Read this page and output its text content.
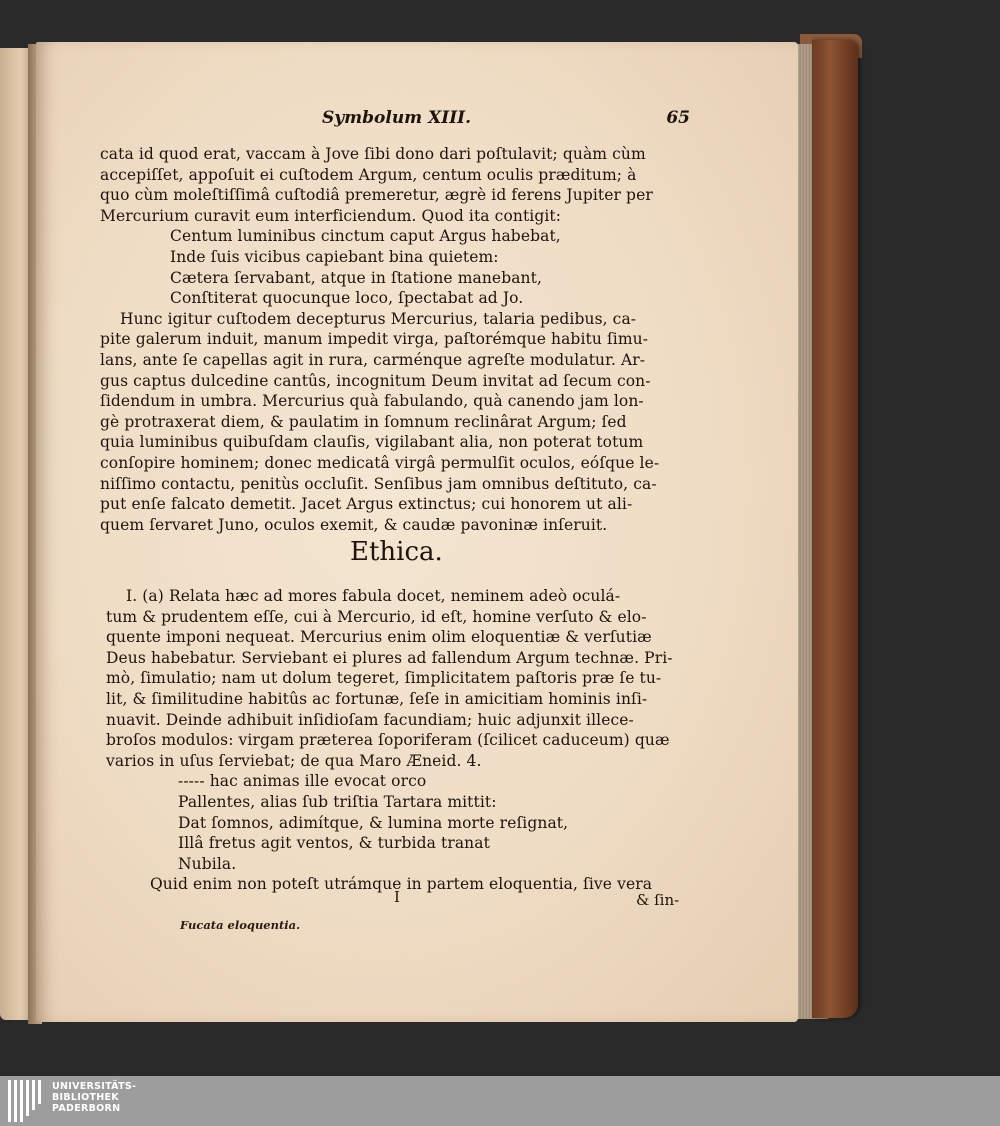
Symbolum XIII.	65
cata id quod erat, vaccam à Jove ſibi dono dari poſtulavit; quàm cùm
accepiſſet, appoſuit ei cuſtodem Argum, centum oculis præditum; à
quo cùm moleſtiſſimâ cuſtodiâ premeretur, ægrè id ferens Jupiter per
Mercurium curavit eum interficiendum. Quod ita contigit:
Centum luminibus cinctum caput Argus habebat,
Inde ſuis vicibus capiebant bina quietem:
Cætera ſervabant, atque in ſtatione manebant,
Conſtiterat quocunque loco, ſpectabat ad Jo.
Hunc igitur cuſtodem decepturus Mercurius, talaria pedibus, ca-
pite galerum induit, manum impedit virga, paſtorémque habitu ſimu-
lans, ante ſe capellas agit in rura, carménque agreſte modulatur. Ar-
gus captus dulcedine cantûs, incognitum Deum invitat ad ſecum con-
ſidendum in umbra. Mercurius quà fabulando, quà canendo jam lon-
gè protraxerat diem, & paulatim in ſomnum reclinârat Argum; ſed
quia luminibus quibuſdam clauſis, vigilabant alia, non poterat totum
conſopire hominem; donec medicatâ virgâ permulſit oculos, eóſque le-
niſſimo contactu, penitùs occluſit. Senſibus jam omnibus deſtituto, ca-
put enſe falcato demetit. Jacet Argus extinctus; cui honorem ut ali-
quem ſervaret Juno, oculos exemit, & caudæ pavoninæ inſeruit.
Ethica.
I. (a) Relata hæc ad mores fabula docet, neminem adeò oculá-
tum & prudentem eſſe, cui à Mercurio, id eſt, homine verſuto & elo-
quente imponi nequeat. Mercurius enim olim eloquentiæ & verſutiæ
Deus habebatur. Serviebant ei plures ad fallendum Argum technæ. Pri-
mò, ſimulatio; nam ut dolum tegeret, ſimplicitatem paſtoris præ ſe tu-
lit, & ſimilitudine habitûs ac fortunæ, ſeſe in amicitiam hominis inſi-
nuavit. Deinde adhibuit inſidioſam facundiam; huic adjunxit illece-
broſos modulos: virgam præterea ſoporiferam (ſcilicet caduceum) quæ
varios in uſus ſerviebat; de qua Maro Æneid. 4.
----- hac animas ille evocat orco
Pallentes, alias ſub triſtia Tartara mittit:
Dat ſomnos, adimítque, & lumina morte reſignat,
Illâ fretus agit ventos, & turbida tranat
Nubila.
Quid enim non poteſt utrámque in partem eloquentia, ſive vera
I	& ſin-
Fucata eloquentia.
UNIVERSITÄTS-
BIBLIOTHEK
PADERBORN
